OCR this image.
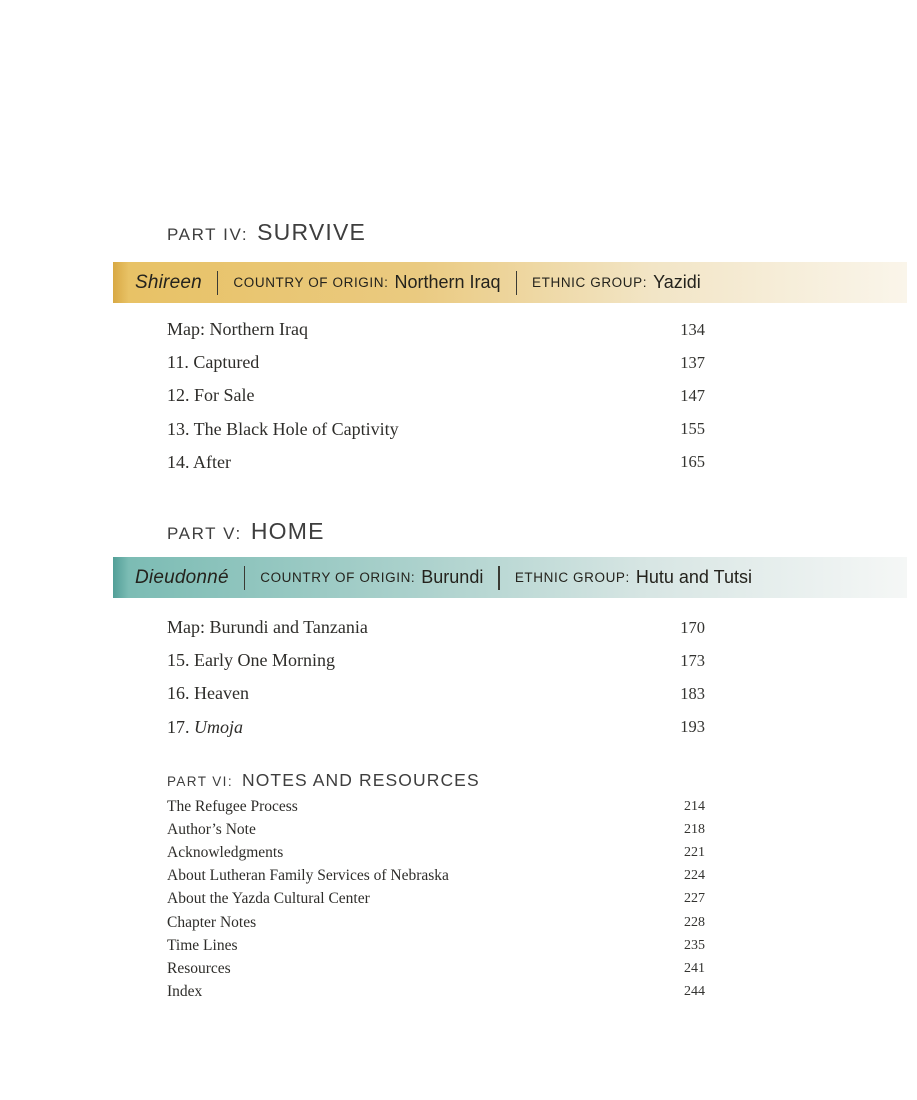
PART IV: SURVIVE
Shireen COUNTRY OF ORIGIN: Northern Iraq ETHNIC GROUP: Yazidi
Map: Northern Iraq	134
11. Captured	137
12. For Sale	147
13. The Black Hole of Captivity	155
14. After	165
PART V: HOME
Dieudonné COUNTRY OF ORIGIN: Burundi ETHNIC GROUP: Hutu and Tutsi
Map: Burundi and Tanzania	170
15. Early One Morning	173
16. Heaven	183
17. Umoja	193
PART VI: NOTES AND RESOURCES
The Refugee Process	214
Author’s Note	218
Acknowledgments	221
About Lutheran Family Services of Nebraska	224
About the Yazda Cultural Center	227
Chapter Notes	228
Time Lines	235
Resources	241
Index	244
